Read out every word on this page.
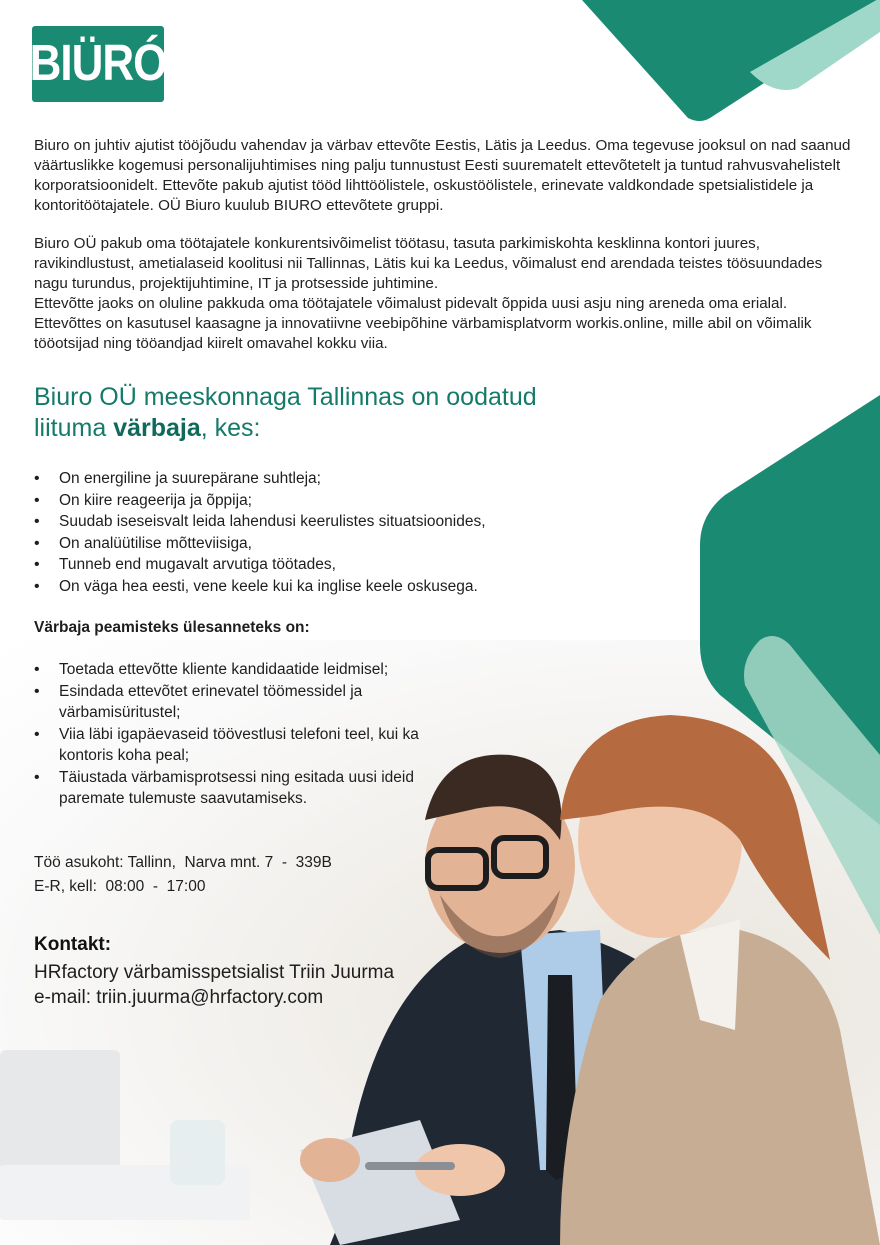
BIÜRÓ
Biuro on juhtiv ajutist tööjõudu vahendav ja värbav ettevõte Eestis, Lätis ja Leedus. Oma tegevuse jooksul on nad saanud väärtuslikke kogemusi personalijuhtimises ning palju tunnustust Eesti suurematelt ettevõtetelt ja tuntud rahvusvahelistelt korporatsioonidelt. Ettevõte pakub ajutist tööd lihttöölistele, oskustöölistele, erinevate valdkondade spetsialistidele ja kontoritöötajatele. OÜ Biuro kuulub BIURO ettevõtete gruppi.
Biuro OÜ pakub oma töötajatele konkurentsivõimelist töötasu, tasuta parkimiskohta kesklinna kontori juures, ravikindlustust, ametialaseid koolitusi nii Tallinnas, Lätis kui ka Leedus, võimalust end arendada teistes töösuundades nagu turundus, projektijuhtimine, IT ja protsesside juhtimine.
Ettevõtte jaoks on oluline pakkuda oma töötajatele võimalust pidevalt õppida uusi asju ning areneda oma erialal. Ettevõttes on kasutusel kaasagne ja innovatiivne veebipõhine värbamisplatvorm workis.online, mille abil on võimalik tööotsijad ning tööandjad kiirelt omavahel kokku viia.
Biuro OÜ meeskonnaga Tallinnas on oodatud
liituma värbaja, kes:
• On energiline ja suurepärane suhtleja;
• On kiire reageerija ja õppija;
• Suudab iseseisvalt leida lahendusi keerulistes situatsioonides,
• On analüütilise mõtteviisiga,
• Tunneb end mugavalt arvutiga töötades,
• On väga hea eesti, vene keele kui ka inglise keele oskusega.
Värbaja peamisteks ülesanneteks on:
• Toetada ettevõtte kliente kandidaatide leidmisel;
• Esindada ettevõtet erinevatel töömessidel ja värbamisüritustel;
• Viia läbi igapäevaseid töövestlusi telefoni teel, kui ka kontoris koha peal;
• Täiustada värbamisprotsessi ning esitada uusi ideid paremate tulemuste saavutamiseks.
Töö asukoht: Tallinn,  Narva mnt. 7  -  339B
E-R, kell:  08:00  -  17:00
Kontakt:
HRfactory värbamisspetsialist Triin Juurma
e-mail: triin.juurma@hrfactory.com
